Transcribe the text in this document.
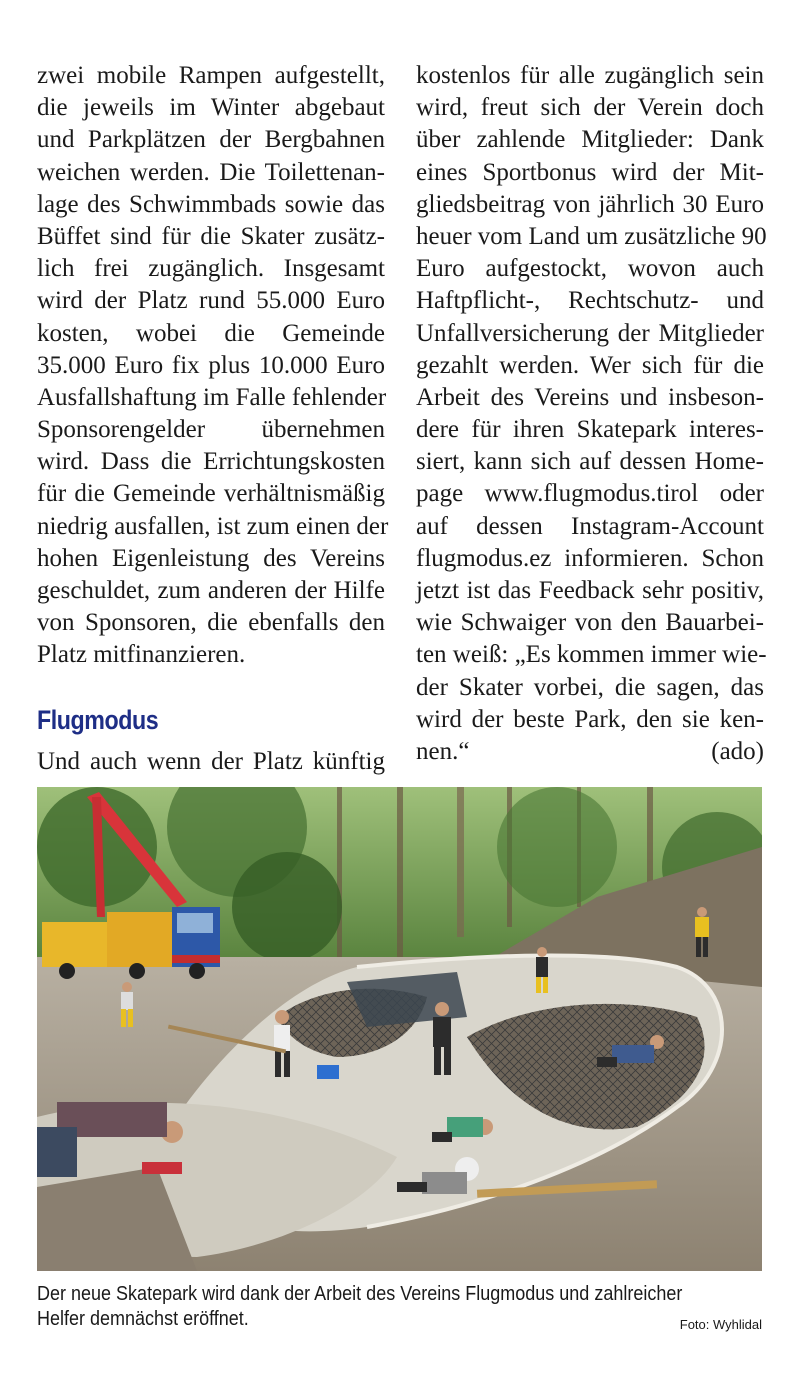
zwei mobile Rampen aufgestellt,
die jeweils im Winter abgebaut
und Parkplätzen der Bergbahnen
weichen werden. Die Toilettenan-
lage des Schwimmbads sowie das
Büffet sind für die Skater zusätz-
lich frei zugänglich. Insgesamt
wird der Platz rund 55.000 Euro
kosten, wobei die Gemeinde
35.000 Euro fix plus 10.000 Euro
Ausfallshaftung im Falle fehlender
Sponsorengelder übernehmen
wird. Dass die Errichtungskosten
für die Gemeinde verhältnismäßig
niedrig ausfallen, ist zum einen der
hohen Eigenleistung des Vereins
geschuldet, zum anderen der Hilfe
von Sponsoren, die ebenfalls den
Platz mitfinanzieren.

Flugmodus

Und auch wenn der Platz künftig

kostenlos für alle zugänglich sein
wird, freut sich der Verein doch
über zahlende Mitglieder: Dank
eines Sportbonus wird der Mit-
gliedsbeitrag von jährlich 30 Euro
heuer vom Land um zusätzliche 90
Euro aufgestockt, wovon auch
Haftpflicht-, Rechtschutz- und
Unfallversicherung der Mitglieder
gezahlt werden. Wer sich für die
Arbeit des Vereins und insbeson-
dere für ihren Skatepark interes-
siert, kann sich auf dessen Home-
page www.flugmodus.tirol oder
auf dessen Instagram-Account
flugmodus.ez informieren. Schon
jetzt ist das Feedback sehr positiv,
wie Schwaiger von den Bauarbei-
ten weiß: „Es kommen immer wie-
der Skater vorbei, die sagen, das
wird der beste Park, den sie ken-

nen.“	(ado)
Der neue Skatepark wird dank der Arbeit des Vereins Flugmodus und zahlreicher
Helfer demnächst eröffnet.	Foto: Wyhlidal
